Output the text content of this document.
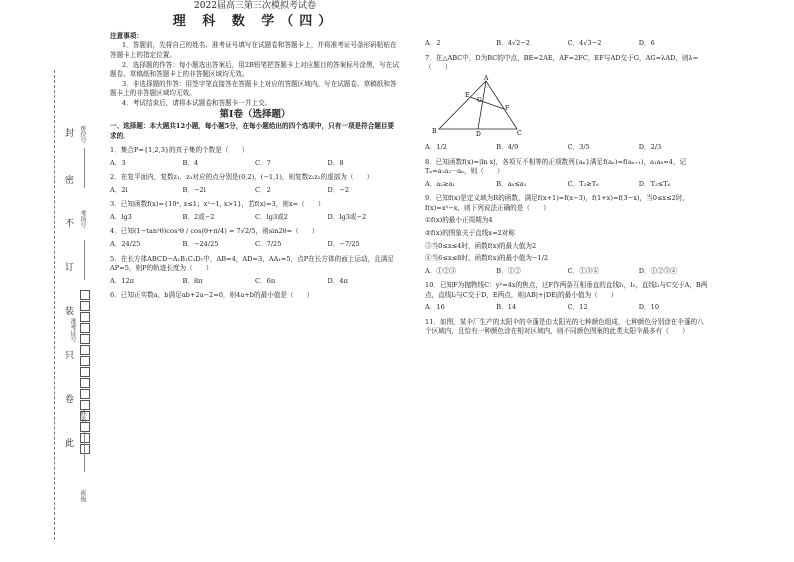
封
密
不
订
装
只
卷
此
座位号
考场号
准考证号
姓名
班级

2022届高三第三次模拟考试卷

理 科 数 学（四）

注意事项：

1．答题前，先将自己的姓名、准考证号填写在试题卷和答题卡上，并将准考证号条形码粘贴在答题卡上的指定位置。

2．选择题的作答：每小题选出答案后，用2B铅笔把答题卡上对应题目的答案标号涂黑，写在试题卷、草稿纸和答题卡上的非答题区域均无效。

3．非选择题的作答：用签字笔直接答在答题卡上对应的答题区域内。写在试题卷、草稿纸和答题卡上的非答题区域均无效。

4．考试结束后，请将本试题卷和答题卡一并上交。

第Ⅰ卷（选择题）

一、选择题：本大题共12小题，每小题5分，在每小题给出的四个选项中，只有一项是符合题目要求的．

1．集合P={1,2,3}的真子集的个数是（　　）

A．3	B．4	C．7	D．8

2．在复平面内，复数z₁，z₂对应的点分别是(0,2)，(−1,1)，则复数z₁z₂的虚部为（　　）

A．2i	B．−2i	C．2	D．−2

3．已知函数f(x)={10ˣ, x≤1；x²−1, x>1}，若f(x)=3，则x=（　　）

A．lg3	B．2或−2	C．lg3或2	D．lg3或−2

4．已知(1−tan²θ)cos²θ / cos(θ+π/4) = 7√2/5，则sin2θ=（　　）

A．24/25	B．−24/25	C．7/25	D．−7/25

5．在长方体ABCD−A₁B₁C₁D₁中，AB=4，AD=3，AA₁=5，点P在长方体的面上运动，且满足AP=5，则P的轨迹长度为（　　）

A．12π	B．8π	C．6π	D．4π

6．已知正实数a，b满足ab+2a−2=0，则4a+b的最小值是（　　）

A．2	B．4√2−2	C．4√3−2	D．6

7．在△ABC中，D为BC的中点，BE=2AE，AF=2FC，EF与AD交于G，AG=λAD，则λ=（　　）

A
B	C
D
E
F
G
A．1/2	B．4/9	C．3/5	D．2/3

8．已知函数f(x)=|ln x|，各项互不相等的正项数列{aₙ}满足f(aₙ)=f(aₙ₊₁)，a₁a₈=4，记Tₙ=a₁a₂···aₙ，则（　　）

A．a₂≥a₁	B．a₆≤a₁	C．T₂≥T₆	D．T₂≤T₆

9．已知f(x)是定义域为R的函数，满足f(x+1)=f(x−3)，f(1+x)=f(3−x)，当0≤x≤2时，f(x)=x²−x，则下列说法正确的是（　　）

①f(x)的最小正周期为4

②f(x)的图象关于直线x=2对称

③当0≤x≤4时，函数f(x)的最大值为2

④当6≤x≤8时，函数f(x)的最小值为−1/2

A．①②③	B．①②	C．①③④	D．①②③④

10．已知F为抛物线C：y²=4x的焦点，过F作两条互相垂直的直线l₁，l₂，直线l₁与C交于A，B两点，直线l₂与C交于D，E两点，则|AB|+|DE|的最小值为（　　）

A．16	B．14	C．12	D．10

11．如图，某伞厂生产的太阳伞的伞蓬是由太阳光的七种颜色组成，七种颜色分别涂在伞蓬的八个区域内，且恰有一种颜色涂在相对区域内，则不同颜色图案的此类太阳伞最多有（　　）
